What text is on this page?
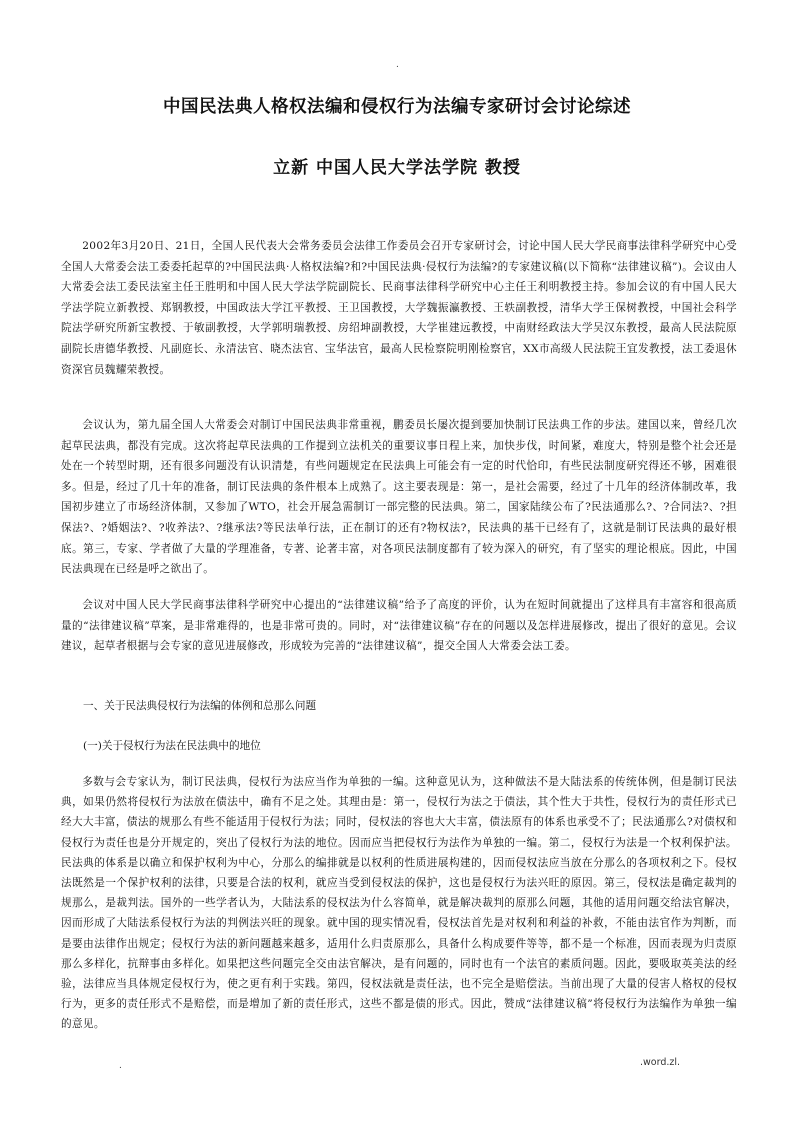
.
中国民法典人格权法编和侵权行为法编专家研讨会讨论综述
立新 中国人民大学法学院 教授

2002年3月20日、21日，全国人民代表大会常务委员会法律工作委员会召开专家研讨会，讨论中国人民大学民商事法律科学研究中心受全国人大常委会法工委委托起草的?中国民法典·人格权法编?和?中国民法典·侵权行为法编?的专家建议稿(以下简称“法律建议稿”)。会议由人大常委会法工委民法室主任王胜明和中国人民大学法学院副院长、民商事法律科学研究中心主任王利明教授主持。参加会议的有中国人民大学法学院立新教授、郑钢教授，中国政法大学江平教授、王卫国教授，大学魏振瀛教授、王轶副教授，清华大学王保树教授，中国社会科学院法学研究所新宝教授、于敏副教授，大学郭明瑞教授、房绍坤副教授，大学崔建远教授，中南财经政法大学吴汉东教授，最高人民法院原副院长唐德华教授、凡副庭长、永清法官、晓杰法官、宝华法官，最高人民检察院明刚检察官，XX市高级人民法院王宜发教授，法工委退休资深官员魏耀荣教授。

会议认为，第九届全国人大常委会对制订中国民法典非常重视，鹏委员长屡次提到要加快制订民法典工作的步法。建国以来，曾经几次起草民法典，都没有完成。这次将起草民法典的工作提到立法机关的重要议事日程上来，加快步伐，时间紧，难度大，特别是整个社会还是处在一个转型时期，还有很多问题没有认识清楚，有些问题规定在民法典上可能会有一定的时代恰印，有些民法制度研究得还不够，困难很多。但是，经过了几十年的准备，制订民法典的条件根本上成熟了。这主要表现是：第一，是社会需要，经过了十几年的经济体制改革，我国初步建立了市场经济体制，又参加了WTO，社会开展急需制订一部完整的民法典。第二，国家陆续公布了?民法通那么?、?合同法?、?担保法?、?婚姻法?、?收养法?、?继承法?等民法单行法，正在制订的还有?物权法?，民法典的基干已经有了，这就是制订民法典的最好根底。第三，专家、学者做了大量的学理准备，专著、论著丰富，对各项民法制度都有了较为深入的研究，有了坚实的理论根底。因此，中国民法典现在已经是呼之欲出了。

会议对中国人民大学民商事法律科学研究中心提出的“法律建议稿”给予了高度的评价，认为在短时间就提出了这样具有丰富容和很高质量的“法律建议稿”草案，是非常难得的，也是非常可贵的。同时，对“法律建议稿”存在的问题以及怎样进展修改，提出了很好的意见。会议建议，起草者根据与会专家的意见进展修改，形成较为完善的“法律建议稿”，提交全国人大常委会法工委。

一、关于民法典侵权行为法编的体例和总那么问题

(一)关于侵权行为法在民法典中的地位

多数与会专家认为，制订民法典，侵权行为法应当作为单独的一编。这种意见认为，这种做法不是大陆法系的传统体例，但是制订民法典，如果仍然将侵权行为法放在债法中，确有不足之处。其理由是：第一，侵权行为法之于债法，其个性大于共性，侵权行为的责任形式已经大大丰富，债法的规那么有些不能适用于侵权行为法；同时，侵权法的容也大大丰富，债法原有的体系也承受不了；民法通那么?对债权和侵权行为责任也是分开规定的，突出了侵权行为法的地位。因而应当把侵权行为法作为单独的一编。第二，侵权行为法是一个权利保护法。民法典的体系是以确立和保护权利为中心，分那么的编排就是以权利的性质进展构建的，因而侵权法应当放在分那么的各项权利之下。侵权法既然是一个保护权利的法律，只要是合法的权利，就应当受到侵权法的保护，这也是侵权行为法兴旺的原因。第三，侵权法是确定裁判的规那么，是裁判法。国外的一些学者认为，大陆法系的侵权法为什么容简单，就是解决裁判的原那么问题，其他的适用问题交给法官解决，因而形成了大陆法系侵权行为法的判例法兴旺的现象。就中国的现实情况看，侵权法首先是对权利和利益的补救，不能由法官作为判断，而是要由法律作出规定；侵权行为法的新问题越来越多，适用什么归责原那么，具备什么构成要件等等，都不是一个标准，因而表现为归责原那么多样化，抗辩事由多样化。如果把这些问题完全交由法官解决，是有问题的，同时也有一个法官的素质问题。因此，要吸取英美法的经验，法律应当具体规定侵权行为，使之更有利于实践。第四，侵权法就是责任法，也不完全是赔偿法。当前出现了大量的侵害人格权的侵权行为，更多的责任形式不是赔偿，而是增加了新的责任形式，这些不都是债的形式。因此，赞成“法律建议稿”将侵权行为法编作为单独一编的意见。

.	.word.zl.
